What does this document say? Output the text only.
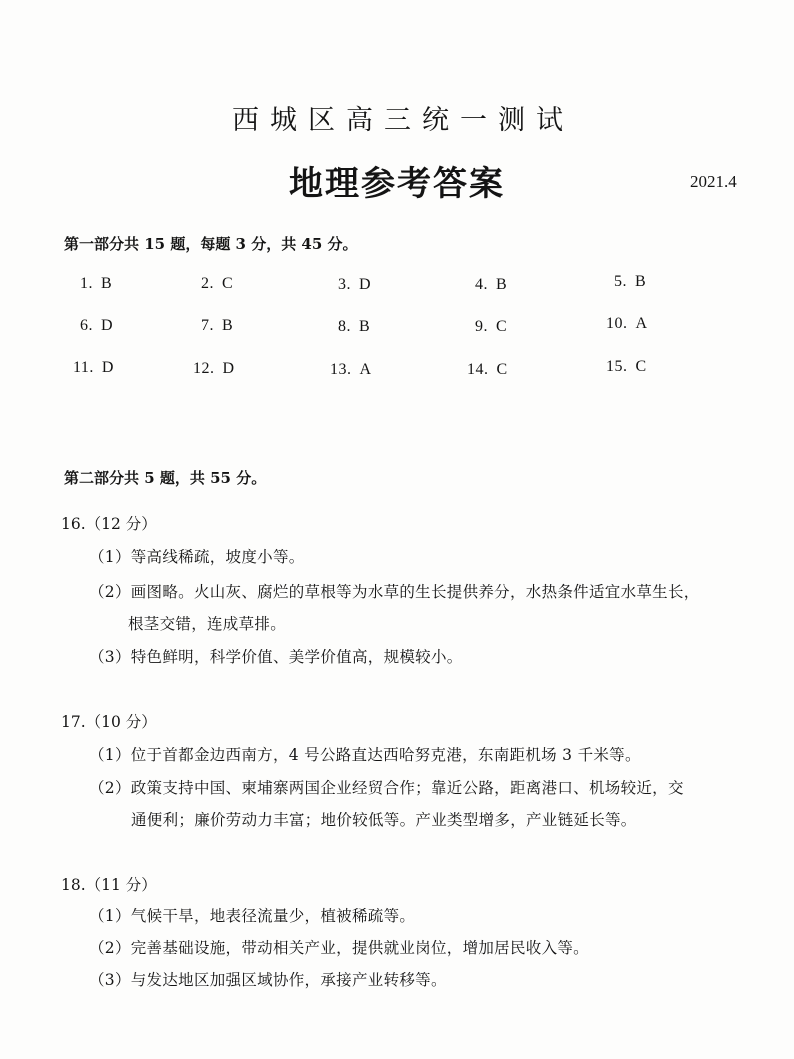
西城区高三统一测试
地理参考答案	2021.4
第一部分共 15 题，每题 3 分，共 45 分。
1. B	2. C	3. D	4. B	5. B
6. D	7. B	8. B	9. C	10. A
11. D	12. D	13. A	14. C	15. C
第二部分共 5 题，共 55 分。
16.（12 分）
（1）等高线稀疏，坡度小等。
（2）画图略。火山灰、腐烂的草根等为水草的生长提供养分，水热条件适宜水草生长，
根茎交错，连成草排。
（3）特色鲜明，科学价值、美学价值高，规模较小。
17.（10 分）
（1）位于首都金边西南方，4 号公路直达西哈努克港，东南距机场 3 千米等。
（2）政策支持中国、柬埔寨两国企业经贸合作；靠近公路，距离港口、机场较近，交
通便利；廉价劳动力丰富；地价较低等。产业类型增多，产业链延长等。
18.（11 分）
（1）气候干旱，地表径流量少，植被稀疏等。
（2）完善基础设施，带动相关产业，提供就业岗位，增加居民收入等。
（3）与发达地区加强区域协作，承接产业转移等。
